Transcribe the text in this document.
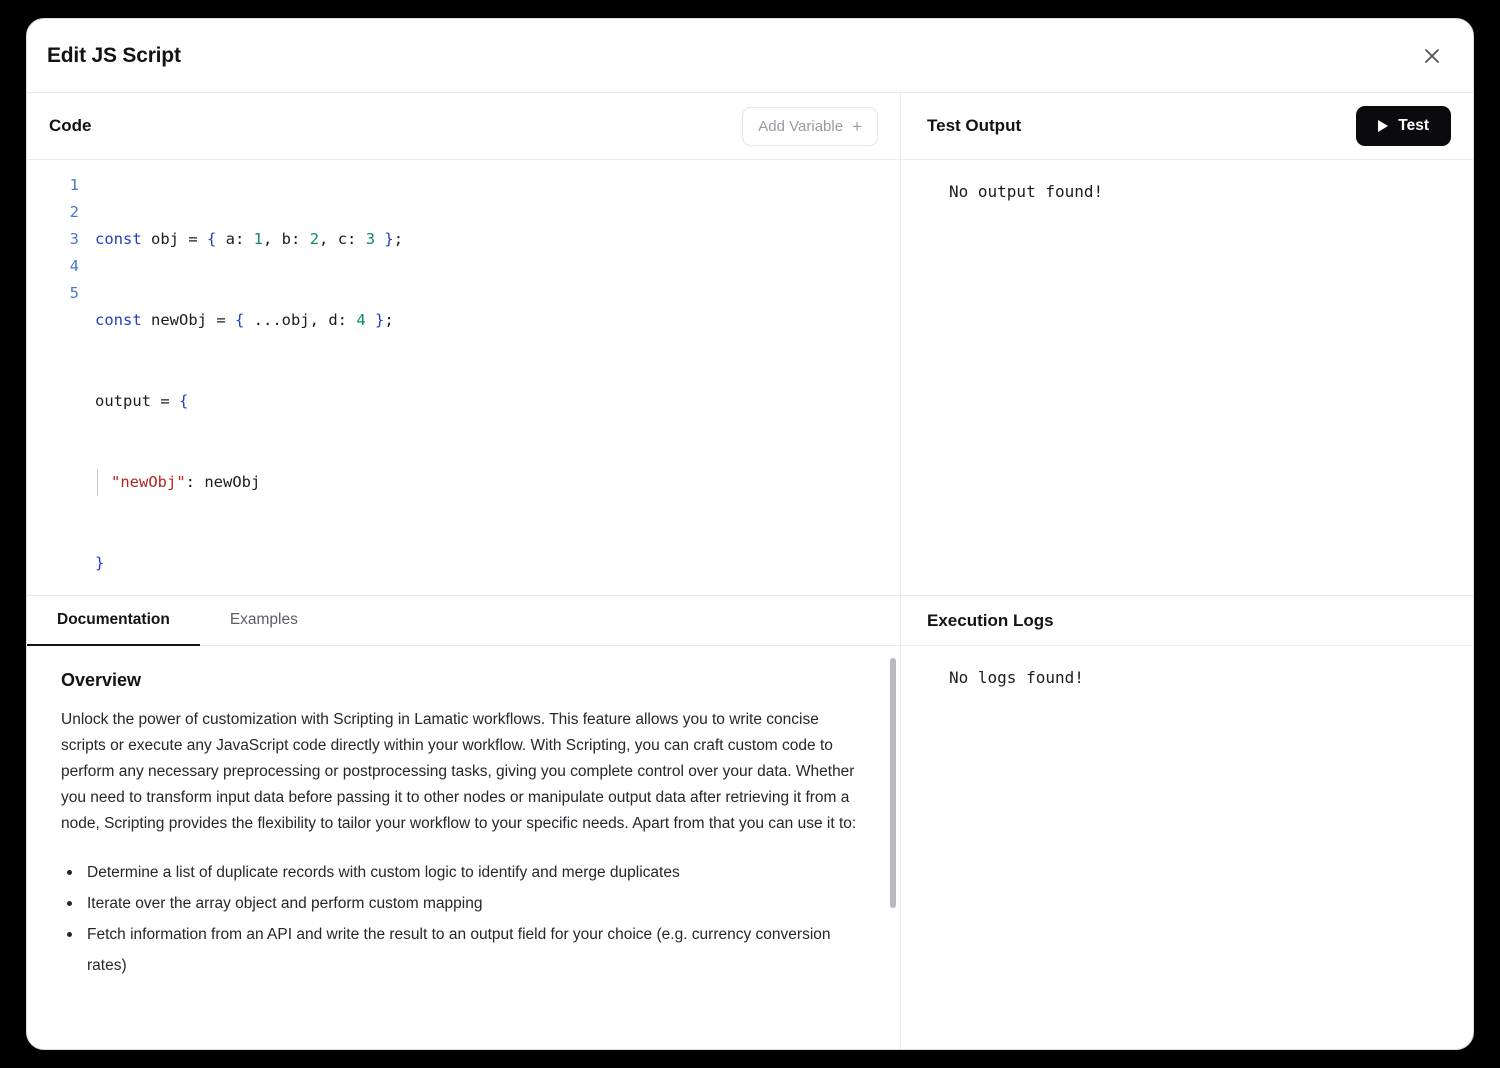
Edit JS Script
Code	Add Variable +
1
2
3
4
5

const obj = { a: 1, b: 2, c: 3 };

const newObj = { ...obj, d: 4 };

output = {

"newObj": newObj

}

Documentation	Examples
Overview

Unlock the power of customization with Scripting in Lamatic workflows. This feature allows you to write concise scripts or execute any JavaScript code directly within your workflow. With Scripting, you can craft custom code to perform any necessary preprocessing or postprocessing tasks, giving you complete control over your data. Whether you need to transform input data before passing it to other nodes or manipulate output data after retrieving it from a node, Scripting provides the flexibility to tailor your workflow to your specific needs. Apart from that you can use it to:

Determine a list of duplicate records with custom logic to identify and merge duplicates
Iterate over the array object and perform custom mapping
Fetch information from an API and write the result to an output field for your choice (e.g. currency conversion rates)
Test Output	Test
No output found!
Execution Logs
No logs found!
